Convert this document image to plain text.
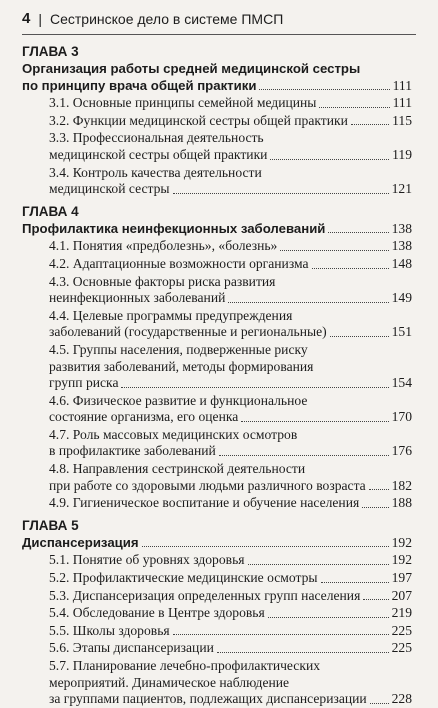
4 | Сестринское дело в системе ПМСП
ГЛАВА 3
Организация работы средней медицинской сестры
по принципу врача общей практики	111
3.1. Основные принципы семейной медицины	111
3.2. Функции медицинской сестры общей практики	115
3.3. Профессиональная деятельность
медицинской сестры общей практики	119
3.4. Контроль качества деятельности
медицинской сестры	121
ГЛАВА 4
Профилактика неинфекционных заболеваний	138
4.1. Понятия «предболезнь», «болезнь»	138
4.2. Адаптационные возможности организма	148
4.3. Основные факторы риска развития
неинфекционных заболеваний	149
4.4. Целевые программы предупреждения
заболеваний (государственные и региональные)	151
4.5. Группы населения, подверженные риску
развития заболеваний, методы формирования
групп риска	154
4.6. Физическое развитие и функциональное
состояние организма, его оценка	170
4.7. Роль массовых медицинских осмотров
в профилактике заболеваний	176
4.8. Направления сестринской деятельности
при работе со здоровыми людьми различного возраста 182
4.9. Гигиеническое воспитание и обучение населения 188
ГЛАВА 5
Диспансеризация	192
5.1. Понятие об уровнях здоровья	192
5.2. Профилактические медицинские осмотры	197
5.3. Диспансеризация определенных групп населения 207
5.4. Обследование в Центре здоровья	219
5.5. Школы здоровья	225
5.6. Этапы диспансеризации	225
5.7. Планирование лечебно-профилактических
мероприятий. Динамическое наблюдение
за группами пациентов, подлежащих диспансеризации 228
